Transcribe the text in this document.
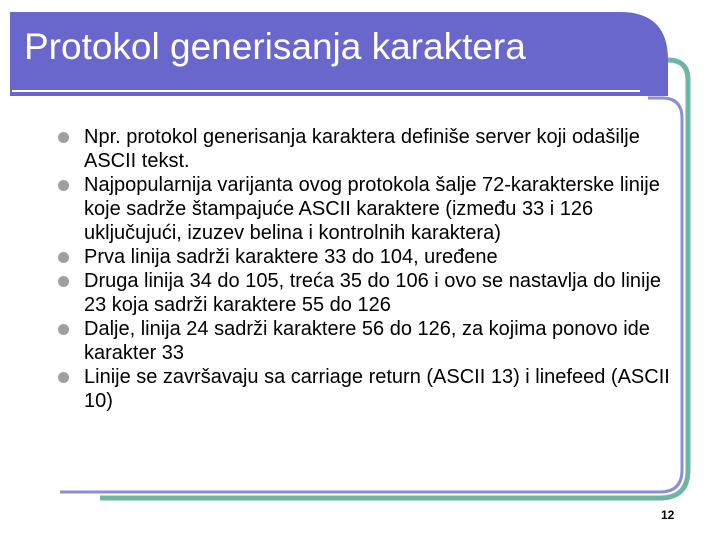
Protokol generisanja karaktera
Npr. protokol generisanja karaktera definiše server koji odašilje ASCII tekst.
Najpopularnija varijanta ovog protokola šalje 72-karakterske linije koje sadrže štampajuće ASCII karaktere (između 33 i 126 uključujući, izuzev belina i kontrolnih karaktera)
Prva linija sadrži karaktere 33 do 104, uređene
Druga linija 34 do 105, treća 35 do 106 i ovo se nastavlja do linije 23 koja sadrži karaktere 55 do 126
Dalje, linija 24 sadrži karaktere 56 do 126, za kojima ponovo ide karakter 33
Linije se završavaju sa carriage return (ASCII 13) i linefeed (ASCII 10)
12
